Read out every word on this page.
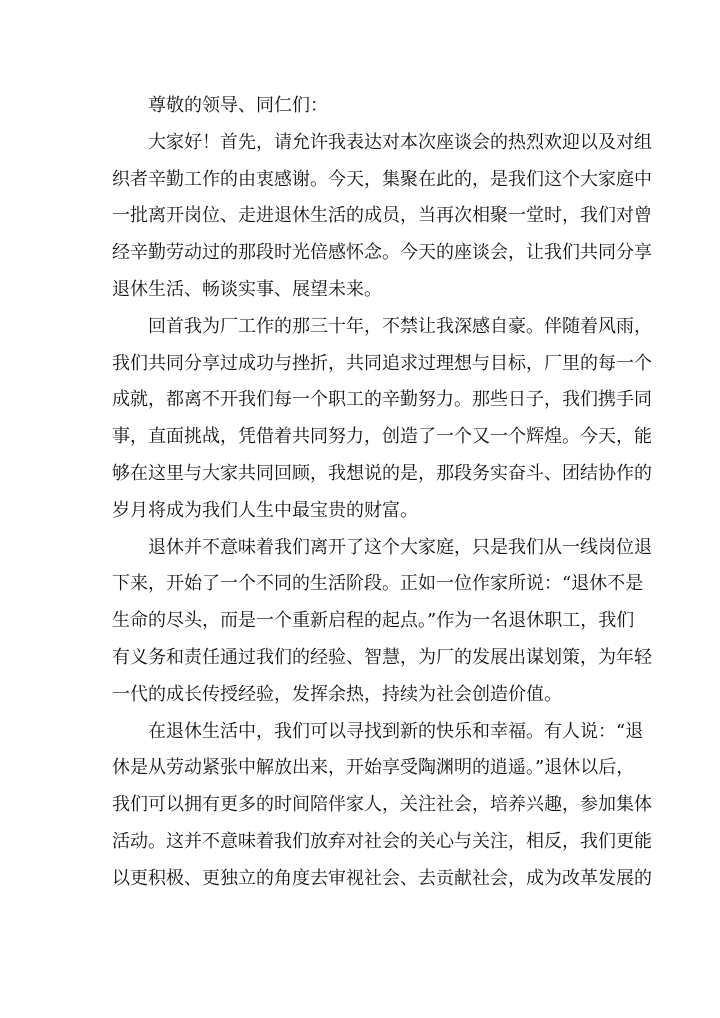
尊敬的领导、同仁们：
大家好！首先，请允许我表达对本次座谈会的热烈欢迎以及对组
织者辛勤工作的由衷感谢。今天，集聚在此的，是我们这个大家庭中
一批离开岗位、走进退休生活的成员，当再次相聚一堂时，我们对曾
经辛勤劳动过的那段时光倍感怀念。今天的座谈会，让我们共同分享
退休生活、畅谈实事、展望未来。
回首我为厂工作的那三十年，不禁让我深感自豪。伴随着风雨，
我们共同分享过成功与挫折，共同追求过理想与目标，厂里的每一个
成就，都离不开我们每一个职工的辛勤努力。那些日子，我们携手同
事，直面挑战，凭借着共同努力，创造了一个又一个辉煌。今天，能
够在这里与大家共同回顾，我想说的是，那段务实奋斗、团结协作的
岁月将成为我们人生中最宝贵的财富。
退休并不意味着我们离开了这个大家庭，只是我们从一线岗位退
下来，开始了一个不同的生活阶段。正如一位作家所说：“退休不是
生命的尽头，而是一个重新启程的起点。”作为一名退休职工，我们
有义务和责任通过我们的经验、智慧，为厂的发展出谋划策，为年轻
一代的成长传授经验，发挥余热，持续为社会创造价值。
在退休生活中，我们可以寻找到新的快乐和幸福。有人说：“退
休是从劳动紧张中解放出来，开始享受陶渊明的逍遥。”退休以后，
我们可以拥有更多的时间陪伴家人，关注社会，培养兴趣，参加集体
活动。这并不意味着我们放弃对社会的关心与关注，相反，我们更能
以更积极、更独立的角度去审视社会、去贡献社会，成为改革发展的
